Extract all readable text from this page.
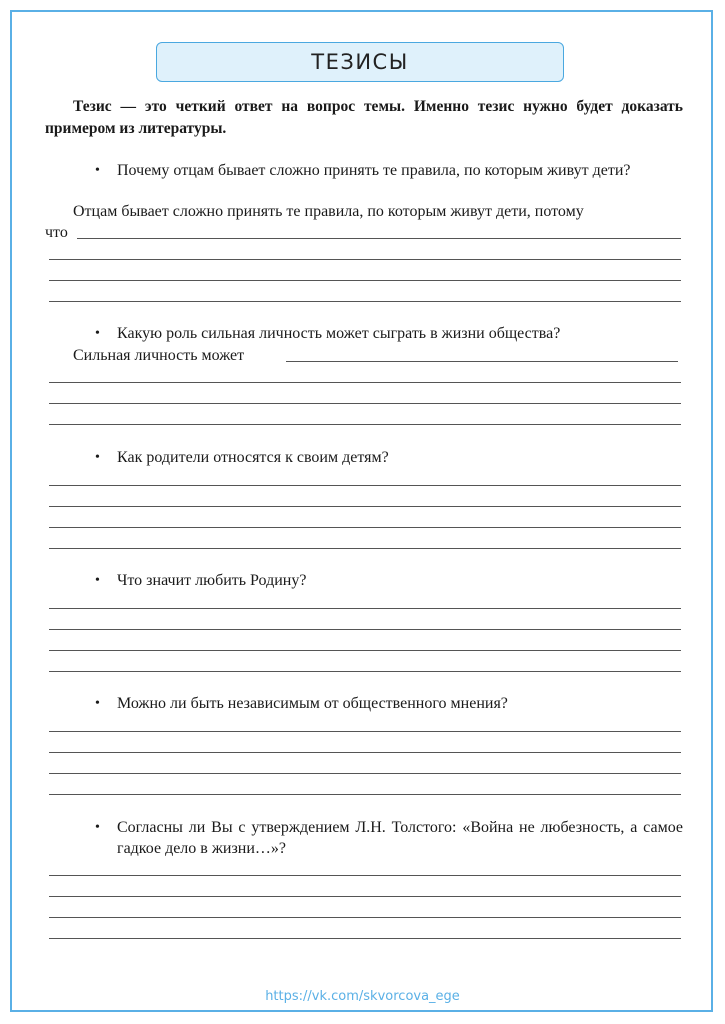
ТЕЗИСЫ
Тезис — это четкий ответ на вопрос темы. Именно тезис нужно будет доказать примером из литературы.
• Почему отцам бывает сложно принять те правила, по которым живут дети?
Отцам бывает сложно принять те правила, по которым живут дети, потому
что
• Какую роль сильная личность может сыграть в жизни общества?
Сильная личность может
• Как родители относятся к своим детям?
• Что значит любить Родину?
• Можно ли быть независимым от общественного мнения?
• Согласны ли Вы с утверждением Л.Н. Толстого: «Война не любезность, а самое гадкое дело в жизни…»?
https://vk.com/skvorcova_ege
